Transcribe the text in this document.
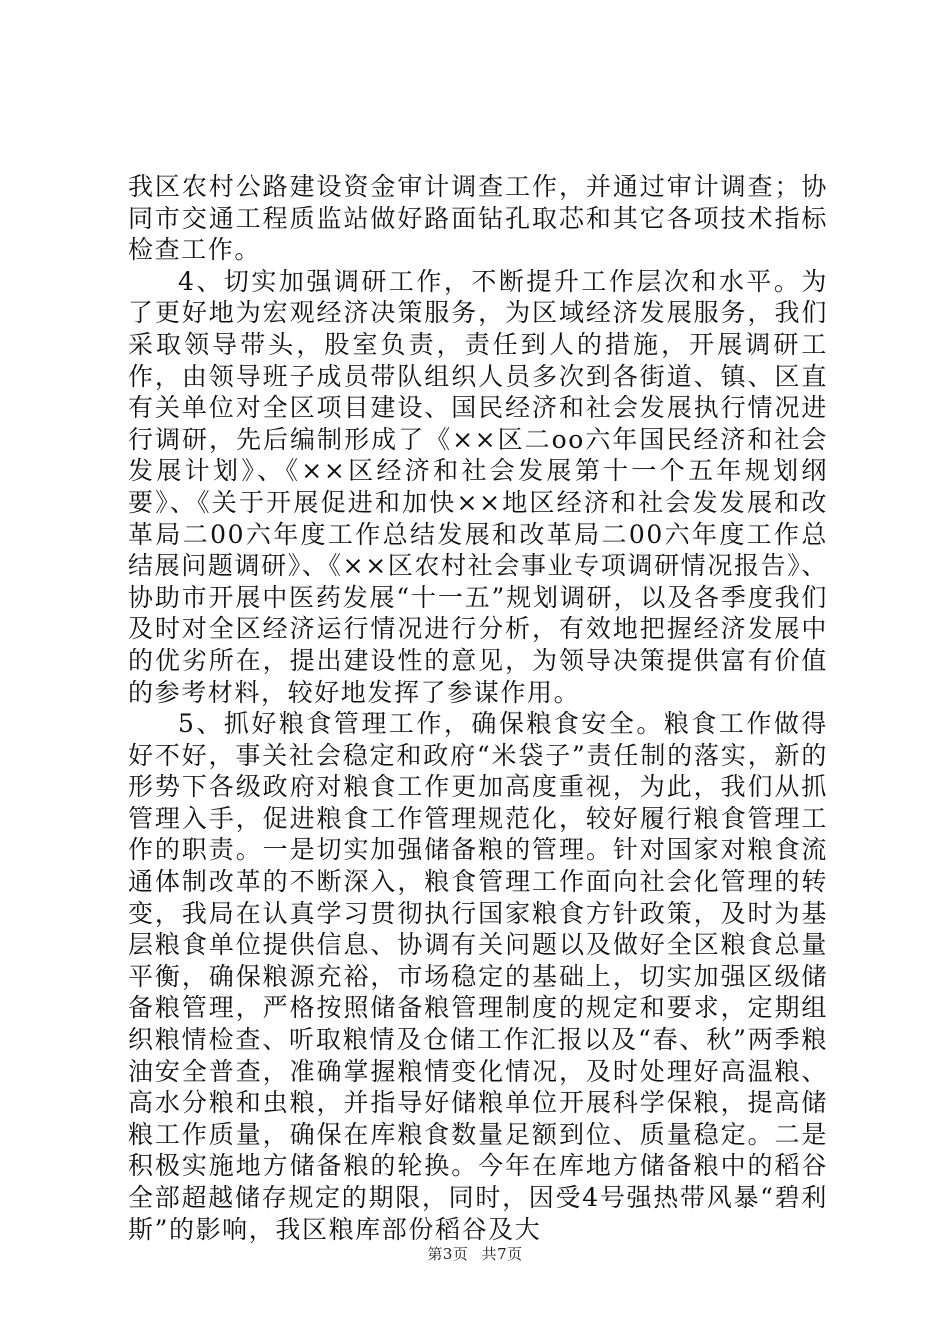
我区农村公路建设资金审计调查工作，并通过审计调查；协同市交通工程质监站做好路面钻孔取芯和其它各项技术指标检查工作。

4、切实加强调研工作，不断提升工作层次和水平。为了更好地为宏观经济决策服务，为区域经济发展服务，我们采取领导带头，股室负责，责任到人的措施，开展调研工作，由领导班子成员带队组织人员多次到各街道、镇、区直有关单位对全区项目建设、国民经济和社会发展执行情况进行调研，先后编制形成了《××区二oo六年国民经济和社会发展计划》、《××区经济和社会发展第十一个五年规划纲要》、《关于开展促进和加快××地区经济和社会发发展和改革局二00六年度工作总结发展和改革局二00六年度工作总结展问题调研》、《××区农村社会事业专项调研情况报告》、协助市开展中医药发展“十一五”规划调研，以及各季度我们及时对全区经济运行情况进行分析，有效地把握经济发展中的优劣所在，提出建设性的意见，为领导决策提供富有价值的参考材料，较好地发挥了参谋作用。

5、抓好粮食管理工作，确保粮食安全。粮食工作做得好不好，事关社会稳定和政府“米袋子”责任制的落实，新的形势下各级政府对粮食工作更加高度重视，为此，我们从抓管理入手，促进粮食工作管理规范化，较好履行粮食管理工作的职责。一是切实加强储备粮的管理。针对国家对粮食流通体制改革的不断深入，粮食管理工作面向社会化管理的转变，我局在认真学习贯彻执行国家粮食方针政策，及时为基层粮食单位提供信息、协调有关问题以及做好全区粮食总量平衡，确保粮源充裕，市场稳定的基础上，切实加强区级储备粮管理，严格按照储备粮管理制度的规定和要求，定期组织粮情检查、听取粮情及仓储工作汇报以及“春、秋”两季粮油安全普查，准确掌握粮情变化情况，及时处理好高温粮、高水分粮和虫粮，并指导好储粮单位开展科学保粮，提高储粮工作质量，确保在库粮食数量足额到位、质量稳定。二是积极实施地方储备粮的轮换。今年在库地方储备粮中的稻谷全部超越储存规定的期限，同时，因受4号强热带风暴“碧利斯”的影响，我区粮库部份稻谷及大

第3页 共7页
